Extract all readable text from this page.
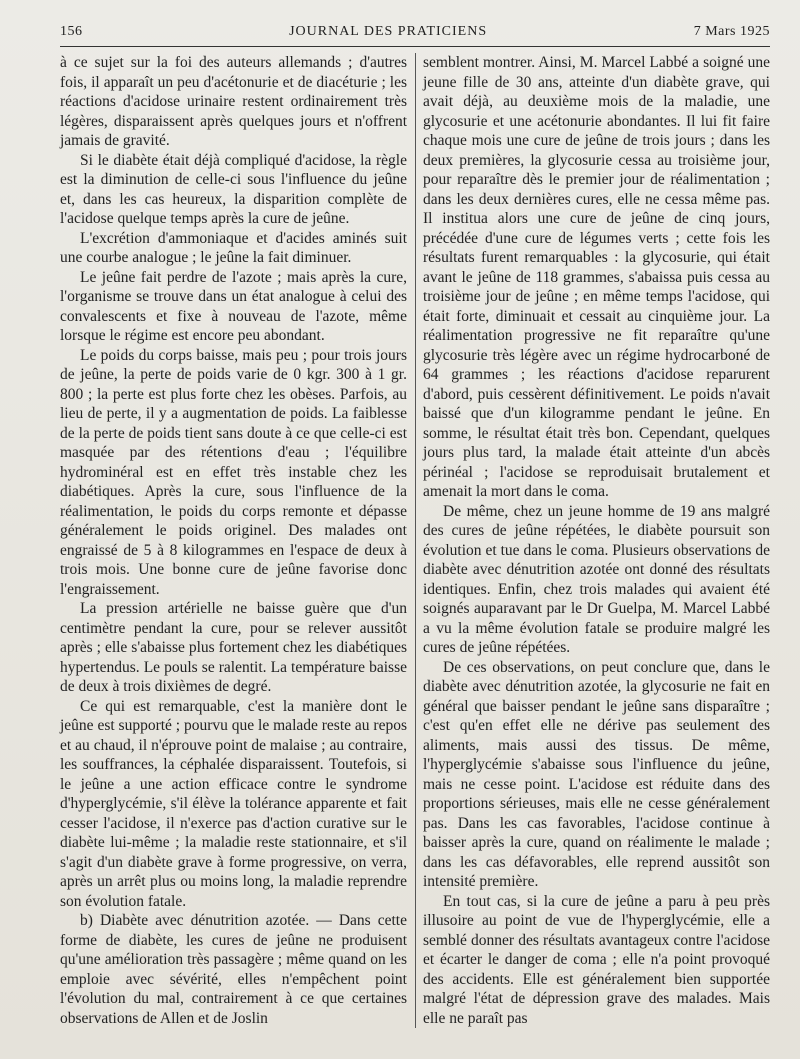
156	JOURNAL DES PRATICIENS	7 Mars 1925

à ce sujet sur la foi des auteurs allemands ; d'autres fois, il apparaît un peu d'acétonurie et de diacéturie ; les réactions d'acidose urinaire restent ordinairement très légères, disparaissent après quelques jours et n'offrent jamais de gravité.

Si le diabète était déjà compliqué d'acidose, la règle est la diminution de celle-ci sous l'influence du jeûne et, dans les cas heureux, la disparition complète de l'acidose quelque temps après la cure de jeûne.

L'excrétion d'ammoniaque et d'acides aminés suit une courbe analogue ; le jeûne la fait diminuer.

Le jeûne fait perdre de l'azote ; mais après la cure, l'organisme se trouve dans un état analogue à celui des convalescents et fixe à nouveau de l'azote, même lorsque le régime est encore peu abondant.

Le poids du corps baisse, mais peu ; pour trois jours de jeûne, la perte de poids varie de 0 kgr. 300 à 1 gr. 800 ; la perte est plus forte chez les obèses. Parfois, au lieu de perte, il y a augmentation de poids. La faiblesse de la perte de poids tient sans doute à ce que celle-ci est masquée par des rétentions d'eau ; l'équilibre hydrominéral est en effet très instable chez les diabétiques. Après la cure, sous l'influence de la réalimentation, le poids du corps remonte et dépasse généralement le poids originel. Des malades ont engraissé de 5 à 8 kilogrammes en l'espace de deux à trois mois. Une bonne cure de jeûne favorise donc l'engraissement.

La pression artérielle ne baisse guère que d'un centimètre pendant la cure, pour se relever aussitôt après ; elle s'abaisse plus fortement chez les diabétiques hypertendus. Le pouls se ralentit. La température baisse de deux à trois dixièmes de degré.

Ce qui est remarquable, c'est la manière dont le jeûne est supporté ; pourvu que le malade reste au repos et au chaud, il n'éprouve point de malaise ; au contraire, les souffrances, la céphalée disparaissent. Toutefois, si le jeûne a une action efficace contre le syndrome d'hyperglycémie, s'il élève la tolérance apparente et fait cesser l'acidose, il n'exerce pas d'action curative sur le diabète lui-même ; la maladie reste stationnaire, et s'il s'agit d'un diabète grave à forme progressive, on verra, après un arrêt plus ou moins long, la maladie reprendre son évolution fatale.

b) Diabète avec dénutrition azotée. — Dans cette forme de diabète, les cures de jeûne ne produisent qu'une amélioration très passagère ; même quand on les emploie avec sévérité, elles n'empêchent point l'évolution du mal, contrairement à ce que certaines observations de Allen et de Joslin

semblent montrer. Ainsi, M. Marcel Labbé a soigné une jeune fille de 30 ans, atteinte d'un diabète grave, qui avait déjà, au deuxième mois de la maladie, une glycosurie et une acétonurie abondantes. Il lui fit faire chaque mois une cure de jeûne de trois jours ; dans les deux premières, la glycosurie cessa au troisième jour, pour reparaître dès le premier jour de réalimentation ; dans les deux dernières cures, elle ne cessa même pas. Il institua alors une cure de jeûne de cinq jours, précédée d'une cure de légumes verts ; cette fois les résultats furent remarquables : la glycosurie, qui était avant le jeûne de 118 grammes, s'abaissa puis cessa au troisième jour de jeûne ; en même temps l'acidose, qui était forte, diminuait et cessait au cinquième jour. La réalimentation progressive ne fit reparaître qu'une glycosurie très légère avec un régime hydrocarboné de 64 grammes ; les réactions d'acidose reparurent d'abord, puis cessèrent définitivement. Le poids n'avait baissé que d'un kilogramme pendant le jeûne. En somme, le résultat était très bon. Cependant, quelques jours plus tard, la malade était atteinte d'un abcès périnéal ; l'acidose se reproduisait brutalement et amenait la mort dans le coma.

De même, chez un jeune homme de 19 ans malgré des cures de jeûne répétées, le diabète poursuit son évolution et tue dans le coma. Plusieurs observations de diabète avec dénutrition azotée ont donné des résultats identiques. Enfin, chez trois malades qui avaient été soignés auparavant par le Dr Guelpa, M. Marcel Labbé a vu la même évolution fatale se produire malgré les cures de jeûne répétées.

De ces observations, on peut conclure que, dans le diabète avec dénutrition azotée, la glycosurie ne fait en général que baisser pendant le jeûne sans disparaître ; c'est qu'en effet elle ne dérive pas seulement des aliments, mais aussi des tissus. De même, l'hyperglycémie s'abaisse sous l'influence du jeûne, mais ne cesse point. L'acidose est réduite dans des proportions sérieuses, mais elle ne cesse généralement pas. Dans les cas favorables, l'acidose continue à baisser après la cure, quand on réalimente le malade ; dans les cas défavorables, elle reprend aussitôt son intensité première.

En tout cas, si la cure de jeûne a paru à peu près illusoire au point de vue de l'hyperglycémie, elle a semblé donner des résultats avantageux contre l'acidose et écarter le danger de coma ; elle n'a point provoqué des accidents. Elle est généralement bien supportée malgré l'état de dépression grave des malades. Mais elle ne paraît pas
